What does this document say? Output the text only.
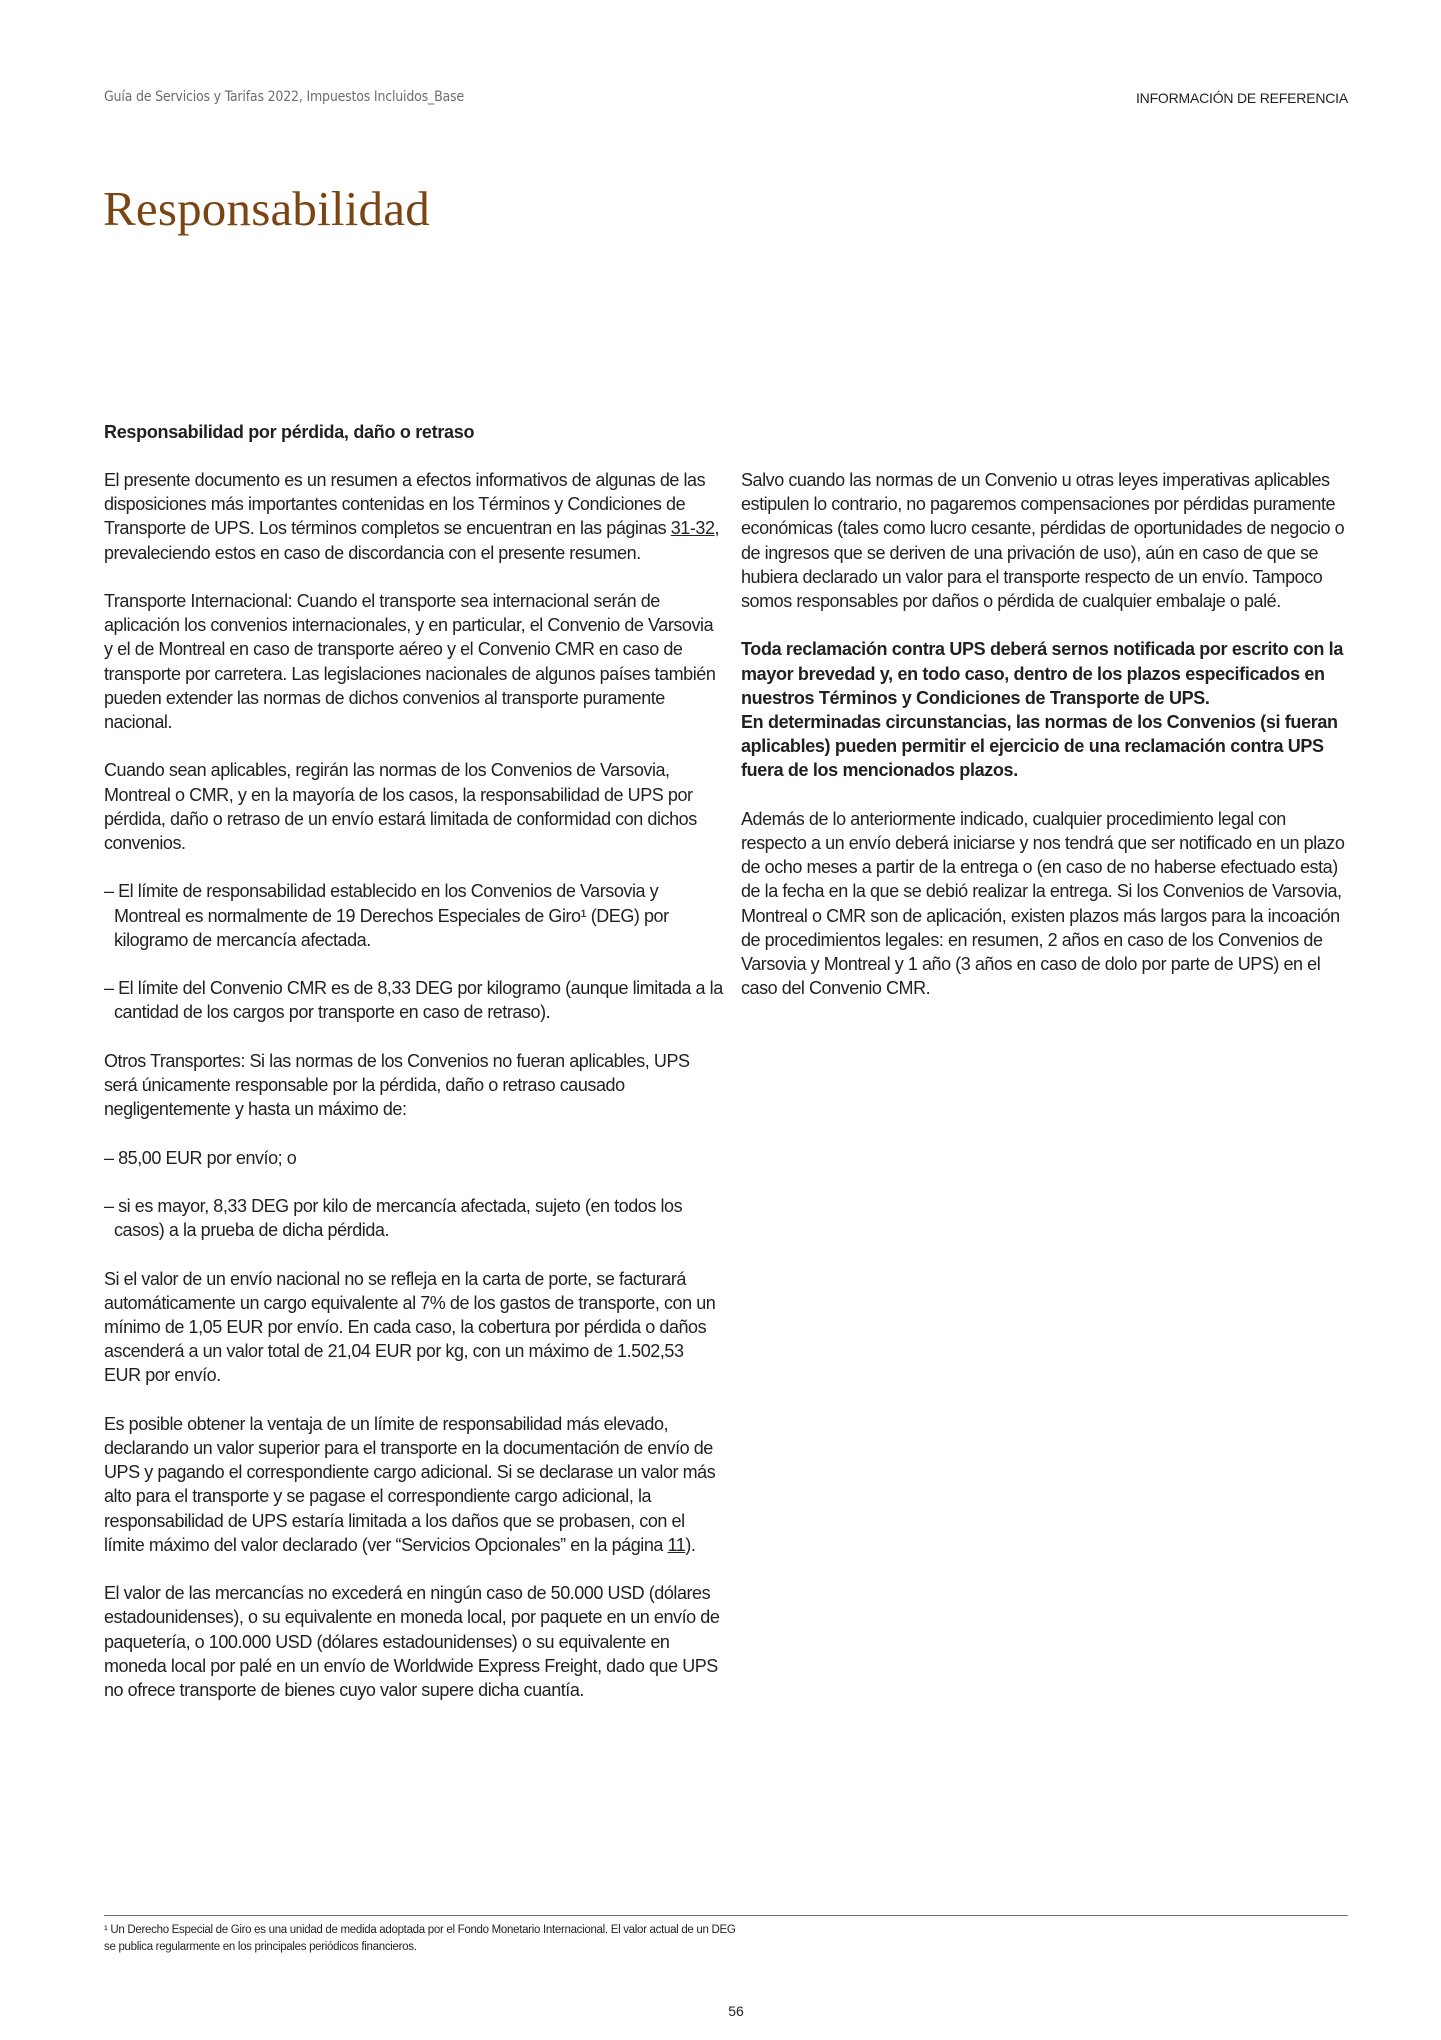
Guía de Servicios y Tarifas 2022, Impuestos Incluidos_Base	INFORMACIÓN DE REFERENCIA
Responsabilidad
Responsabilidad por pérdida, daño o retraso

El presente documento es un resumen a efectos informativos de algunas de las disposiciones más importantes contenidas en los Términos y Condiciones de Transporte de UPS. Los términos completos se encuentran en las páginas 31-32, prevaleciendo estos en caso de discordancia con el presente resumen.

Transporte Internacional: Cuando el transporte sea internacional serán de aplicación los convenios internacionales, y en particular, el Convenio de Varsovia y el de Montreal en caso de transporte aéreo y el Convenio CMR en caso de transporte por carretera. Las legislaciones nacionales de algunos países también pueden extender las normas de dichos convenios al transporte puramente nacional.

Cuando sean aplicables, regirán las normas de los Convenios de Varsovia, Montreal o CMR, y en la mayoría de los casos, la responsabilidad de UPS por pérdida, daño o retraso de un envío estará limitada de conformidad con dichos convenios.

– El límite de responsabilidad establecido en los Convenios de Varsovia y Montreal es normalmente de 19 Derechos Especiales de Giro¹ (DEG) por kilogramo de mercancía afectada.

– El límite del Convenio CMR es de 8,33 DEG por kilogramo (aunque limitada a la cantidad de los cargos por transporte en caso de retraso).

Otros Transportes: Si las normas de los Convenios no fueran aplicables, UPS será únicamente responsable por la pérdida, daño o retraso causado negligentemente y hasta un máximo de:

– 85,00 EUR por envío; o

– si es mayor, 8,33 DEG por kilo de mercancía afectada, sujeto (en todos los casos) a la prueba de dicha pérdida.

Si el valor de un envío nacional no se refleja en la carta de porte, se facturará automáticamente un cargo equivalente al 7% de los gastos de transporte, con un mínimo de 1,05 EUR por envío. En cada caso, la cobertura por pérdida o daños ascenderá a un valor total de 21,04 EUR por kg, con un máximo de 1.502,53 EUR por envío.

Es posible obtener la ventaja de un límite de responsabilidad más elevado, declarando un valor superior para el transporte en la documentación de envío de UPS y pagando el correspondiente cargo adicional. Si se declarase un valor más alto para el transporte y se pagase el correspondiente cargo adicional, la responsabilidad de UPS estaría limitada a los daños que se probasen, con el límite máximo del valor declarado (ver “Servicios Opcionales” en la página 11).

El valor de las mercancías no excederá en ningún caso de 50.000 USD (dólares estadounidenses), o su equivalente en moneda local, por paquete en un envío de paquetería, o 100.000 USD (dólares estadounidenses) o su equivalente en moneda local por palé en un envío de Worldwide Express Freight, dado que UPS no ofrece transporte de bienes cuyo valor supere dicha cuantía.

Salvo cuando las normas de un Convenio u otras leyes imperativas aplicables estipulen lo contrario, no pagaremos compensaciones por pérdidas puramente económicas (tales como lucro cesante, pérdidas de oportunidades de negocio o de ingresos que se deriven de una privación de uso), aún en caso de que se hubiera declarado un valor para el transporte respecto de un envío. Tampoco somos responsables por daños o pérdida de cualquier embalaje o palé.

Toda reclamación contra UPS deberá sernos notificada por escrito con la mayor brevedad y, en todo caso, dentro de los plazos especificados en nuestros Términos y Condiciones de Transporte de UPS.
En determinadas circunstancias, las normas de los Convenios (si fueran aplicables) pueden permitir el ejercicio de una reclamación contra UPS fuera de los mencionados plazos.

Además de lo anteriormente indicado, cualquier procedimiento legal con respecto a un envío deberá iniciarse y nos tendrá que ser notificado en un plazo de ocho meses a partir de la entrega o (en caso de no haberse efectuado esta) de la fecha en la que se debió realizar la entrega. Si los Convenios de Varsovia, Montreal o CMR son de aplicación, existen plazos más largos para la incoación de procedimientos legales: en resumen, 2 años en caso de los Convenios de Varsovia y Montreal y 1 año (3 años en caso de dolo por parte de UPS) en el caso del Convenio CMR.

¹ Un Derecho Especial de Giro es una unidad de medida adoptada por el Fondo Monetario Internacional. El valor actual de un DEG se publica regularmente en los principales periódicos financieros.
56
